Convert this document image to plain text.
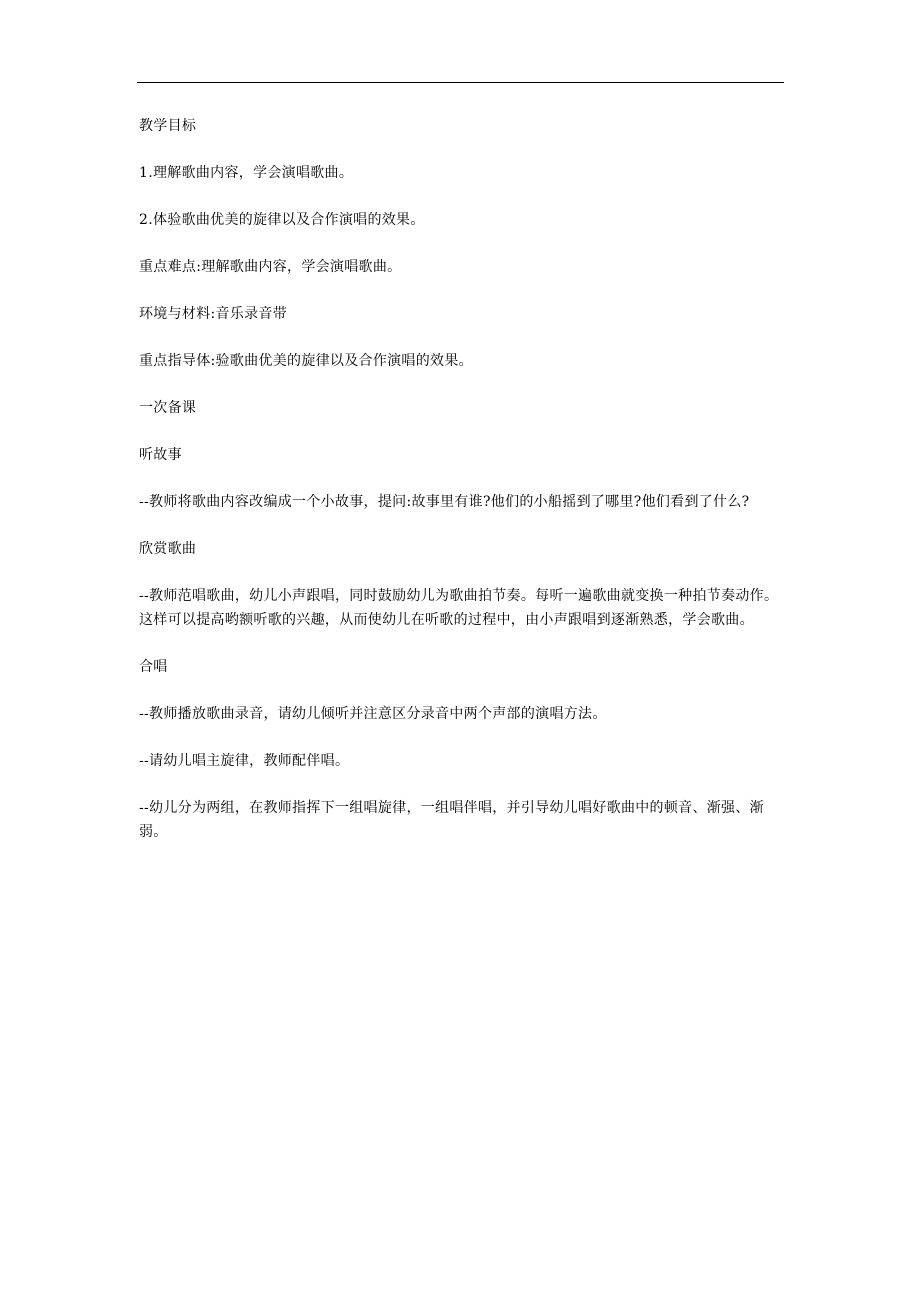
教学目标

1.理解歌曲内容，学会演唱歌曲。

2.体验歌曲优美的旋律以及合作演唱的效果。

重点难点:理解歌曲内容，学会演唱歌曲。

环境与材料:音乐录音带

重点指导体:验歌曲优美的旋律以及合作演唱的效果。

一次备课

听故事

--教师将歌曲内容改编成一个小故事，提问:故事里有谁?他们的小船摇到了哪里?他们看到了什么?

欣赏歌曲

--教师范唱歌曲，幼儿小声跟唱，同时鼓励幼儿为歌曲拍节奏。每听一遍歌曲就变换一种拍节奏动作。这样可以提高哟额听歌的兴趣，从而使幼儿在听歌的过程中，由小声跟唱到逐渐熟悉，学会歌曲。

合唱

--教师播放歌曲录音，请幼儿倾听并注意区分录音中两个声部的演唱方法。

--请幼儿唱主旋律，教师配伴唱。

--幼儿分为两组，在教师指挥下一组唱旋律，一组唱伴唱，并引导幼儿唱好歌曲中的顿音、渐强、渐弱。
